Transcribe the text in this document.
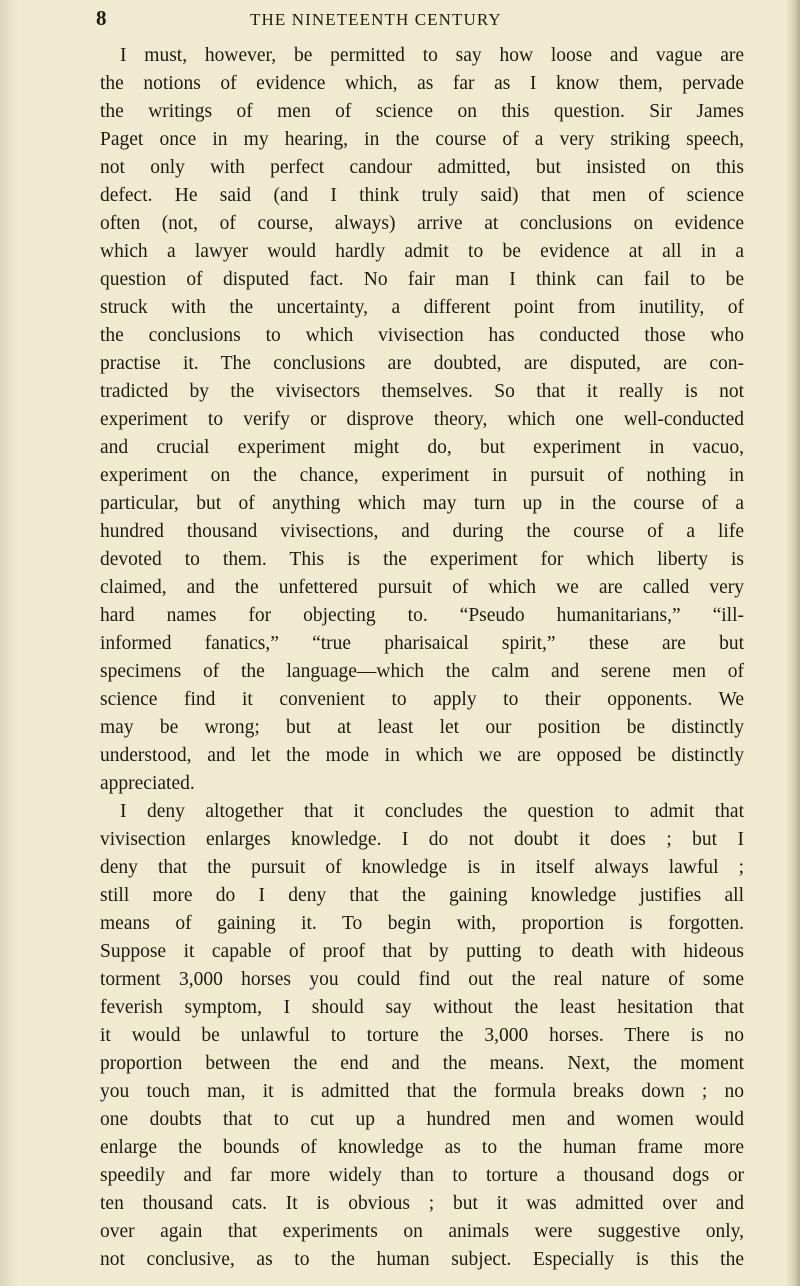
8	THE NINETEENTH CENTURY
I must, however, be permitted to say how loose and vague are
the notions of evidence which, as far as I know them, pervade
the writings of men of science on this question. Sir James
Paget once in my hearing, in the course of a very striking speech,
not only with perfect candour admitted, but insisted on this
defect. He said (and I think truly said) that men of science
often (not, of course, always) arrive at conclusions on evidence
which a lawyer would hardly admit to be evidence at all in a
question of disputed fact. No fair man I think can fail to be
struck with the uncertainty, a different point from inutility, of
the conclusions to which vivisection has conducted those who
practise it. The conclusions are doubted, are disputed, are con-
tradicted by the vivisectors themselves. So that it really is not
experiment to verify or disprove theory, which one well-conducted
and crucial experiment might do, but experiment in vacuo,
experiment on the chance, experiment in pursuit of nothing in
particular, but of anything which may turn up in the course of a
hundred thousand vivisections, and during the course of a life
devoted to them. This is the experiment for which liberty is
claimed, and the unfettered pursuit of which we are called very
hard names for objecting to. “Pseudo humanitarians,” “ill-
informed fanatics,” “true pharisaical spirit,” these are but
specimens of the language—which the calm and serene men of
science find it convenient to apply to their opponents. We
may be wrong; but at least let our position be distinctly
understood, and let the mode in which we are opposed be distinctly
appreciated.
I deny altogether that it concludes the question to admit that
vivisection enlarges knowledge. I do not doubt it does ; but I
deny that the pursuit of knowledge is in itself always lawful ;
still more do I deny that the gaining knowledge justifies all
means of gaining it. To begin with, proportion is forgotten.
Suppose it capable of proof that by putting to death with hideous
torment 3,000 horses you could find out the real nature of some
feverish symptom, I should say without the least hesitation that
it would be unlawful to torture the 3,000 horses. There is no
proportion between the end and the means. Next, the moment
you touch man, it is admitted that the formula breaks down ; no
one doubts that to cut up a hundred men and women would
enlarge the bounds of knowledge as to the human frame more
speedily and far more widely than to torture a thousand dogs or
ten thousand cats. It is obvious ; but it was admitted over and
over again that experiments on animals were suggestive only,
not conclusive, as to the human subject. Especially is this the
